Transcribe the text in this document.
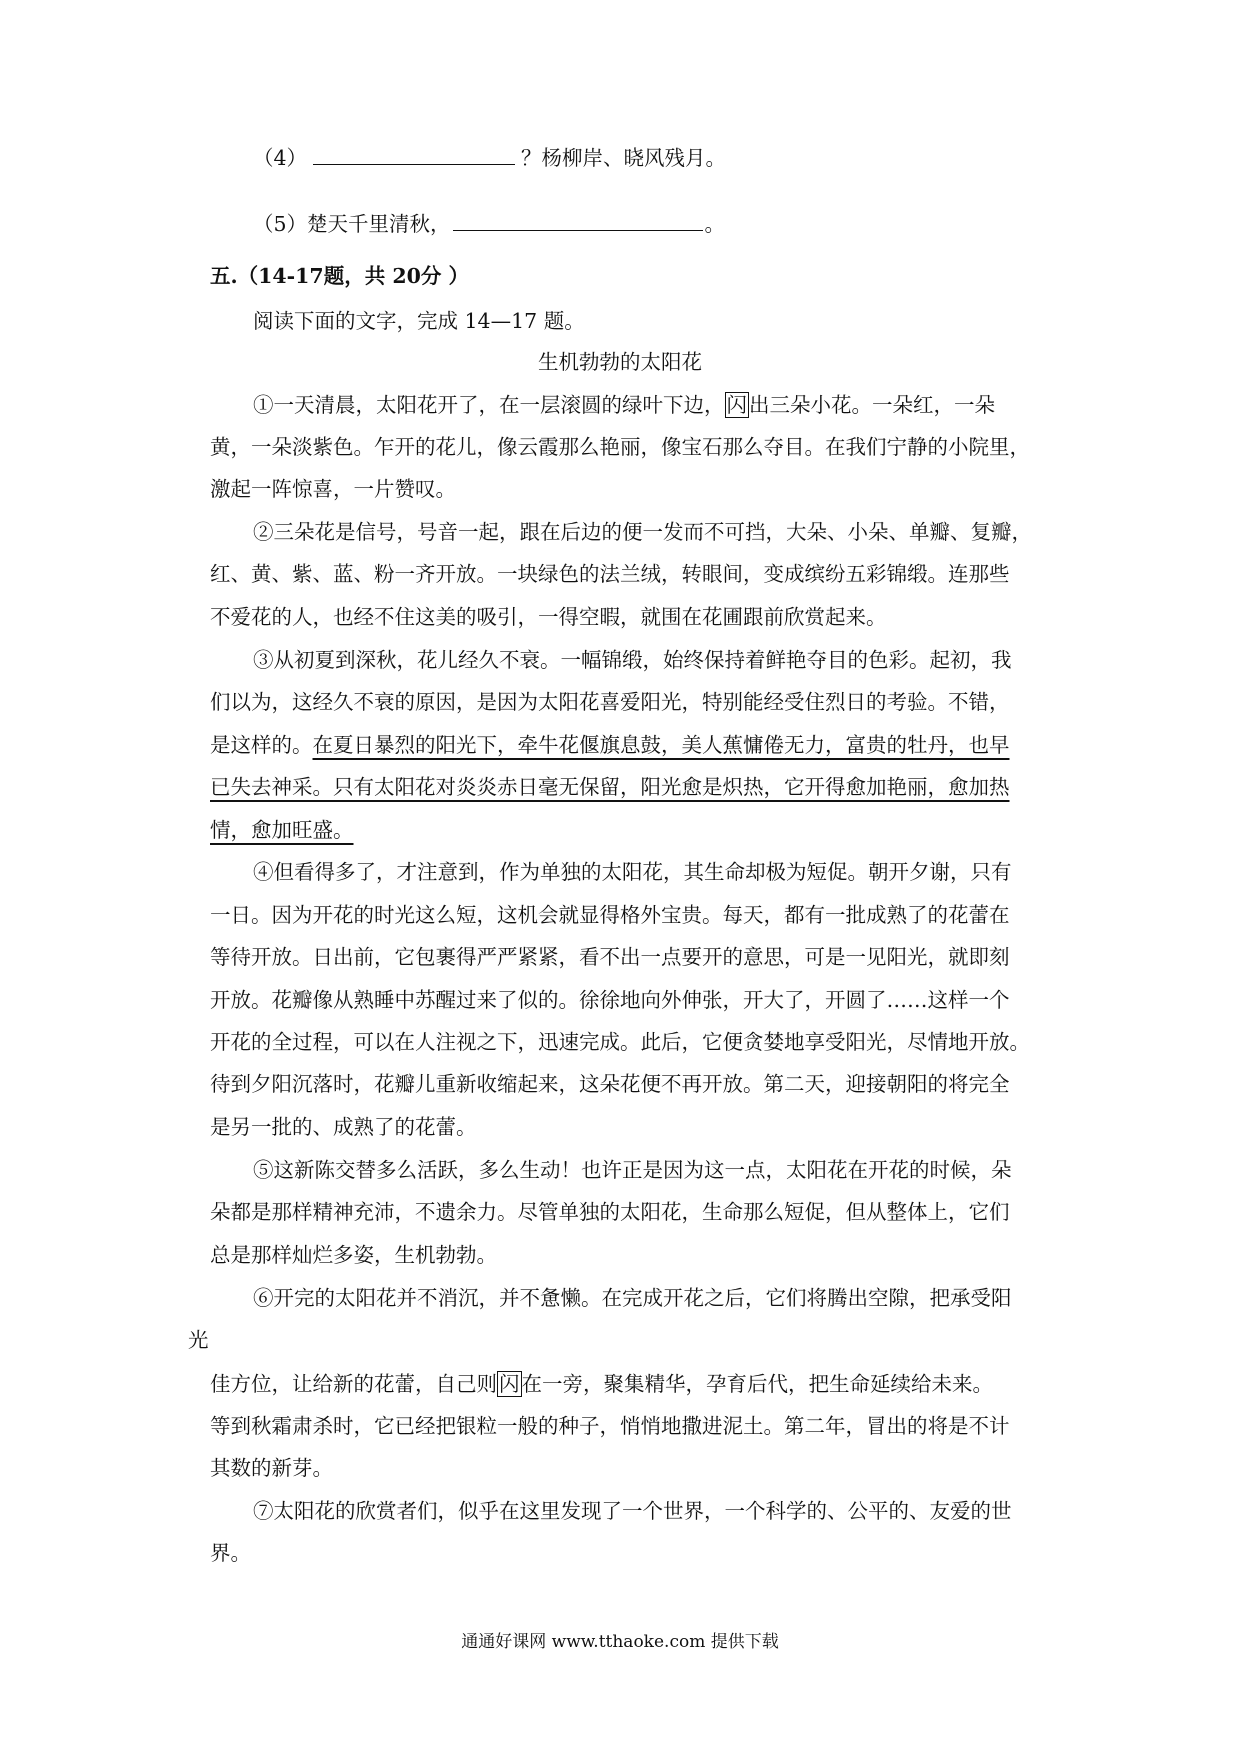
（4）	？杨柳岸、晓风残月。
（5）楚天千里清秋，	。
五.（14-17题，共 20分 ）
阅读下面的文字，完成 14—17 题。
生机勃勃的太阳花
①一天清晨，太阳花开了，在一层滚圆的绿叶下边，闪出三朵小花。一朵红，一朵
黄，一朵淡紫色。乍开的花儿，像云霞那么艳丽，像宝石那么夺目。在我们宁静的小院里，
激起一阵惊喜，一片赞叹。
②三朵花是信号，号音一起，跟在后边的便一发而不可挡，大朵、小朵、单瓣、复瓣，
红、黄、紫、蓝、粉一齐开放。一块绿色的法兰绒，转眼间，变成缤纷五彩锦缎。连那些
不爱花的人，也经不住这美的吸引，一得空暇，就围在花圃跟前欣赏起来。
③从初夏到深秋，花儿经久不衰。一幅锦缎，始终保持着鲜艳夺目的色彩。起初，我
们以为，这经久不衰的原因，是因为太阳花喜爱阳光，特别能经受住烈日的考验。不错，
是这样的。在夏日暴烈的阳光下，牵牛花偃旗息鼓，美人蕉慵倦无力，富贵的牡丹，也早
已失去神采。只有太阳花对炎炎赤日毫无保留，阳光愈是炽热，它开得愈加艳丽，愈加热
情，愈加旺盛。
④但看得多了，才注意到，作为单独的太阳花，其生命却极为短促。朝开夕谢，只有
一日。因为开花的时光这么短，这机会就显得格外宝贵。每天，都有一批成熟了的花蕾在
等待开放。日出前，它包裹得严严紧紧，看不出一点要开的意思，可是一见阳光，就即刻
开放。花瓣像从熟睡中苏醒过来了似的。徐徐地向外伸张，开大了，开圆了……这样一个
开花的全过程，可以在人注视之下，迅速完成。此后，它便贪婪地享受阳光，尽情地开放。
待到夕阳沉落时，花瓣儿重新收缩起来，这朵花便不再开放。第二天，迎接朝阳的将完全
是另一批的、成熟了的花蕾。
⑤这新陈交替多么活跃，多么生动！也许正是因为这一点，太阳花在开花的时候，朵
朵都是那样精神充沛，不遗余力。尽管单独的太阳花，生命那么短促，但从整体上，它们
总是那样灿烂多姿，生机勃勃。
⑥开完的太阳花并不消沉，并不惫懒。在完成开花之后，它们将腾出空隙，把承受阳
光
佳方位，让给新的花蕾，自己则闪在一旁，聚集精华，孕育后代，把生命延续给未来。
等到秋霜肃杀时，它已经把银粒一般的种子，悄悄地撒进泥土。第二年，冒出的将是不计
其数的新芽。
⑦太阳花的欣赏者们，似乎在这里发现了一个世界，一个科学的、公平的、友爱的世
界。
通通好课网 www.tthaoke.com 提供下载
